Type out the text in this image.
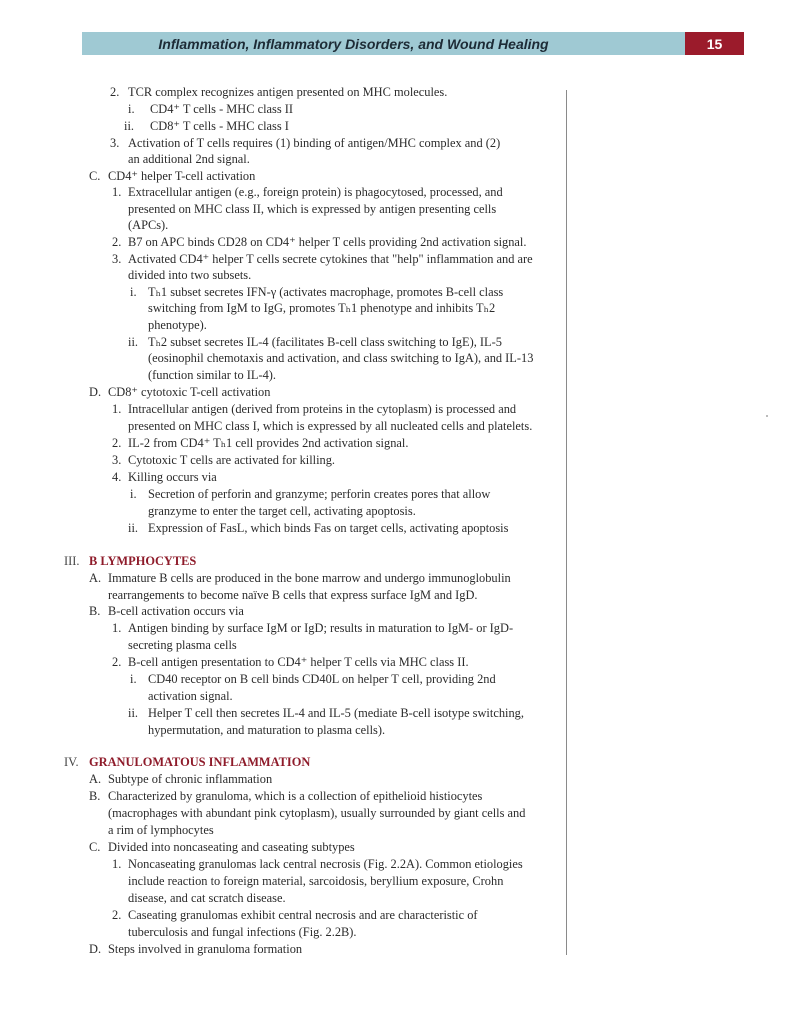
Inflammation, Inflammatory Disorders, and Wound Healing	15
2. TCR complex recognizes antigen presented on MHC molecules.
i. CD4⁺ T cells - MHC class II
ii. CD8⁺ T cells - MHC class I
3. Activation of T cells requires (1) binding of antigen/MHC complex and (2)
an additional 2nd signal.
C. CD4⁺ helper T-cell activation
1. Extracellular antigen (e.g., foreign protein) is phagocytosed, processed, and
presented on MHC class II, which is expressed by antigen presenting cells
(APCs).
2. B7 on APC binds CD28 on CD4⁺ helper T cells providing 2nd activation signal.
3. Activated CD4⁺ helper T cells secrete cytokines that "help" inflammation and are
divided into two subsets.
i. Tₕ1 subset secretes IFN-γ (activates macrophage, promotes B-cell class
switching from IgM to IgG, promotes Tₕ1 phenotype and inhibits Tₕ2
phenotype).
ii. Tₕ2 subset secretes IL-4 (facilitates B-cell class switching to IgE), IL-5
(eosinophil chemotaxis and activation, and class switching to IgA), and IL-13
(function similar to IL-4).
D. CD8⁺ cytotoxic T-cell activation
1. Intracellular antigen (derived from proteins in the cytoplasm) is processed and
presented on MHC class I, which is expressed by all nucleated cells and platelets.
2. IL-2 from CD4⁺ Tₕ1 cell provides 2nd activation signal.
3. Cytotoxic T cells are activated for killing.
4. Killing occurs via
i. Secretion of perforin and granzyme; perforin creates pores that allow
granzyme to enter the target cell, activating apoptosis.
ii. Expression of FasL, which binds Fas on target cells, activating apoptosis
III. B LYMPHOCYTES
A. Immature B cells are produced in the bone marrow and undergo immunoglobulin
rearrangements to become naïve B cells that express surface IgM and IgD.
B. B-cell activation occurs via
1. Antigen binding by surface IgM or IgD; results in maturation to IgM- or IgD-
secreting plasma cells
2. B-cell antigen presentation to CD4⁺ helper T cells via MHC class II.
i. CD40 receptor on B cell binds CD40L on helper T cell, providing 2nd
activation signal.
ii. Helper T cell then secretes IL-4 and IL-5 (mediate B-cell isotype switching,
hypermutation, and maturation to plasma cells).
IV. GRANULOMATOUS INFLAMMATION
A. Subtype of chronic inflammation
B. Characterized by granuloma, which is a collection of epithelioid histiocytes
(macrophages with abundant pink cytoplasm), usually surrounded by giant cells and
a rim of lymphocytes
C. Divided into noncaseating and caseating subtypes
1. Noncaseating granulomas lack central necrosis (Fig. 2.2A). Common etiologies
include reaction to foreign material, sarcoidosis, beryllium exposure, Crohn
disease, and cat scratch disease.
2. Caseating granulomas exhibit central necrosis and are characteristic of
tuberculosis and fungal infections (Fig. 2.2B).
D. Steps involved in granuloma formation
